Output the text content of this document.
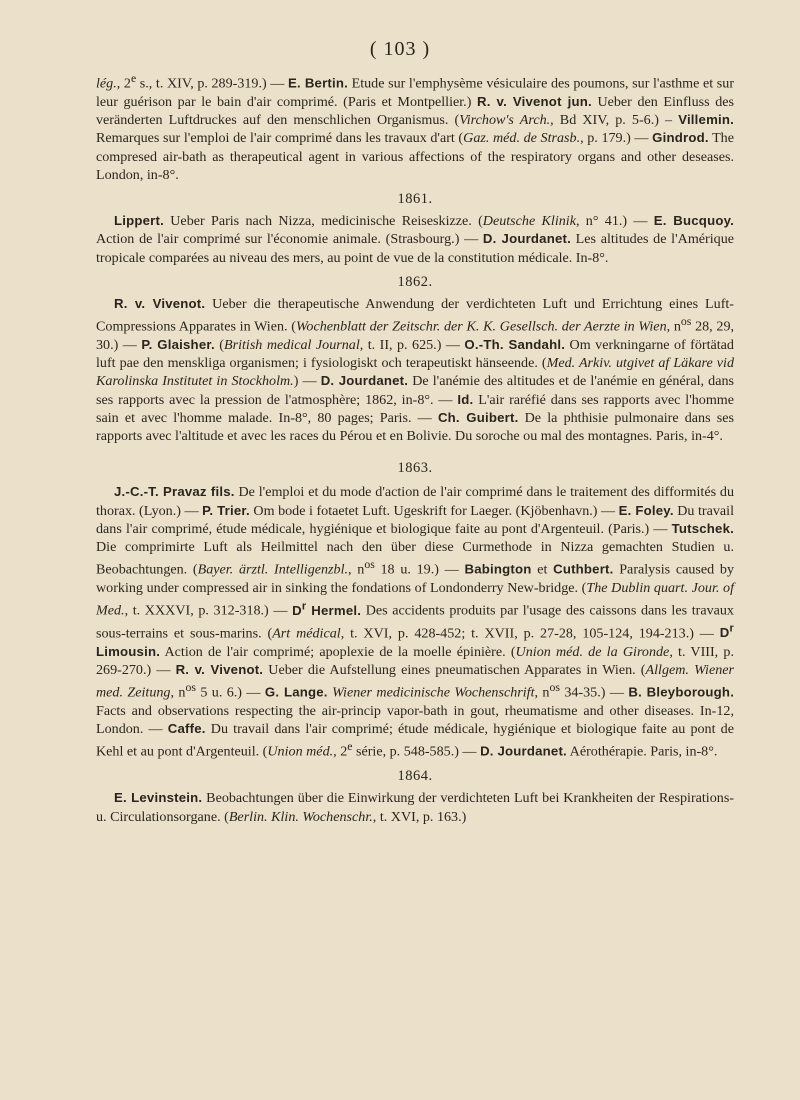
( 103 )
lég., 2e s., t. XIV, p. 289-319.) — E. Bertin. Etude sur l'emphysème vésiculaire des poumons, sur l'asthme et sur leur guérison par le bain d'air comprimé. (Paris et Montpellier.) R. v. Vivenot jun. Ueber den Einfluss des veränderten Luftdruckes auf den menschlichen Organismus. (Virchow's Arch., Bd XIV, p. 5-6.) – Villemin. Remarques sur l'emploi de l'air comprimé dans les travaux d'art (Gaz. méd. de Strasb., p. 179.) — Gindrod. The compresed air-bath as therapeutical agent in various affections of the respiratory organs and other deseases. London, in-8°.
1861.
Lippert. Ueber Paris nach Nizza, medicinische Reiseskizze. (Deutsche Klinik, n° 41.) — E. Bucquoy. Action de l'air comprimé sur l'économie animale. (Strasbourg.) — D. Jourdanet. Les altitudes de l'Amérique tropicale comparées au niveau des mers, au point de vue de la constitution médicale. In-8°.
1862.
R. v. Vivenot. Ueber die therapeutische Anwendung der verdichteten Luft und Errichtung eines Luft-Compressions Apparates in Wien. (Wochenblatt der Zeitschr. der K. K. Gesellsch. der Aerzte in Wien, $n^{os}$ 28, 29, 30.) — P. Glaisher. (British medical Journal, t. II, p. 625.) — O.-Th. Sandahl. Om verkningarne of förtätad luft pae den menskliga organismen; i fysiologiskt och terapeutiskt hänseende. (Med. Arkiv. utgivet af Läkare vid Karolinska Institutet in Stockholm.) — D. Jourdanet. De l'anémie des altitudes et de l'anémie en général, dans ses rapports avec la pression de l'atmosphère; 1862, in-8°. — Id. L'air raréfié dans ses rapports avec l'homme sain et avec l'homme malade. In-8°, 80 pages; Paris. — Ch. Guibert. De la phthisie pulmonaire dans ses rapports avec l'altitude et avec les races du Pérou et en Bolivie. Du soroche ou mal des montagnes. Paris, in-4°.
1863.
J.-C.-T. Pravaz fils. De l'emploi et du mode d'action de l'air comprimé dans le traitement des difformités du thorax. (Lyon.) — P. Trier. Om bode i fotaetet Luft. Ugeskrift for Laeger. (Kjöbenhavn.) — E. Foley. Du travail dans l'air comprimé, étude médicale, hygiénique et biologique faite au pont d'Argenteuil. (Paris.) — Tutschek. Die comprimirte Luft als Heilmittel nach den über diese Curmethode in Nizza gemachten Studien u. Beobachtungen. (Bayer. ärztl. Intelligenzbl., $n^{os}$ 18 u. 19.) — Babington et Cuthbert. Paralysis caused by working under compressed air in sinking the fondations of Londonderry New-bridge. (The Dublin quart. Jour. of Med., t. XXXVI, p. 312-318.) — $D^r$ Hermel. Des accidents produits par l'usage des caissons dans les travaux sous-terrains et sous-marins. (Art médical, t. XVI, p. 428-452; t. XVII, p. 27-28, 105-124, 194-213.) — $D^r$ Limousin. Action de l'air comprimé; apoplexie de la moelle épinière. (Union méd. de la Gironde, t. VIII, p. 269-270.) — R. v. Vivenot. Ueber die Aufstellung eines pneumatischen Apparates in Wien. (Allgem. Wiener med. Zeitung, $n^{os}$ 5 u. 6.) — G. Lange. Wiener medicinische Wochenschrift, $n^{os}$ 34-35.) — B. Bleyborough. Facts and observations respecting the air-princip vapor-bath in gout, rheumatisme and other diseases. In-12, London. — Caffe. Du travail dans l'air comprimé; étude médicale, hygiénique et biologique faite au pont de Kehl et au pont d'Argenteuil. (Union méd., 2e série, p. 548-585.) — D. Jourdanet. Aérothérapie. Paris, in-8°.
1864.
E. Levinstein. Beobachtungen über die Einwirkung der verdichteten Luft bei Krankheiten der Respirations-u. Circulationsorgane. (Berlin. Klin. Wochenschr., t. XVI, p. 163.)
